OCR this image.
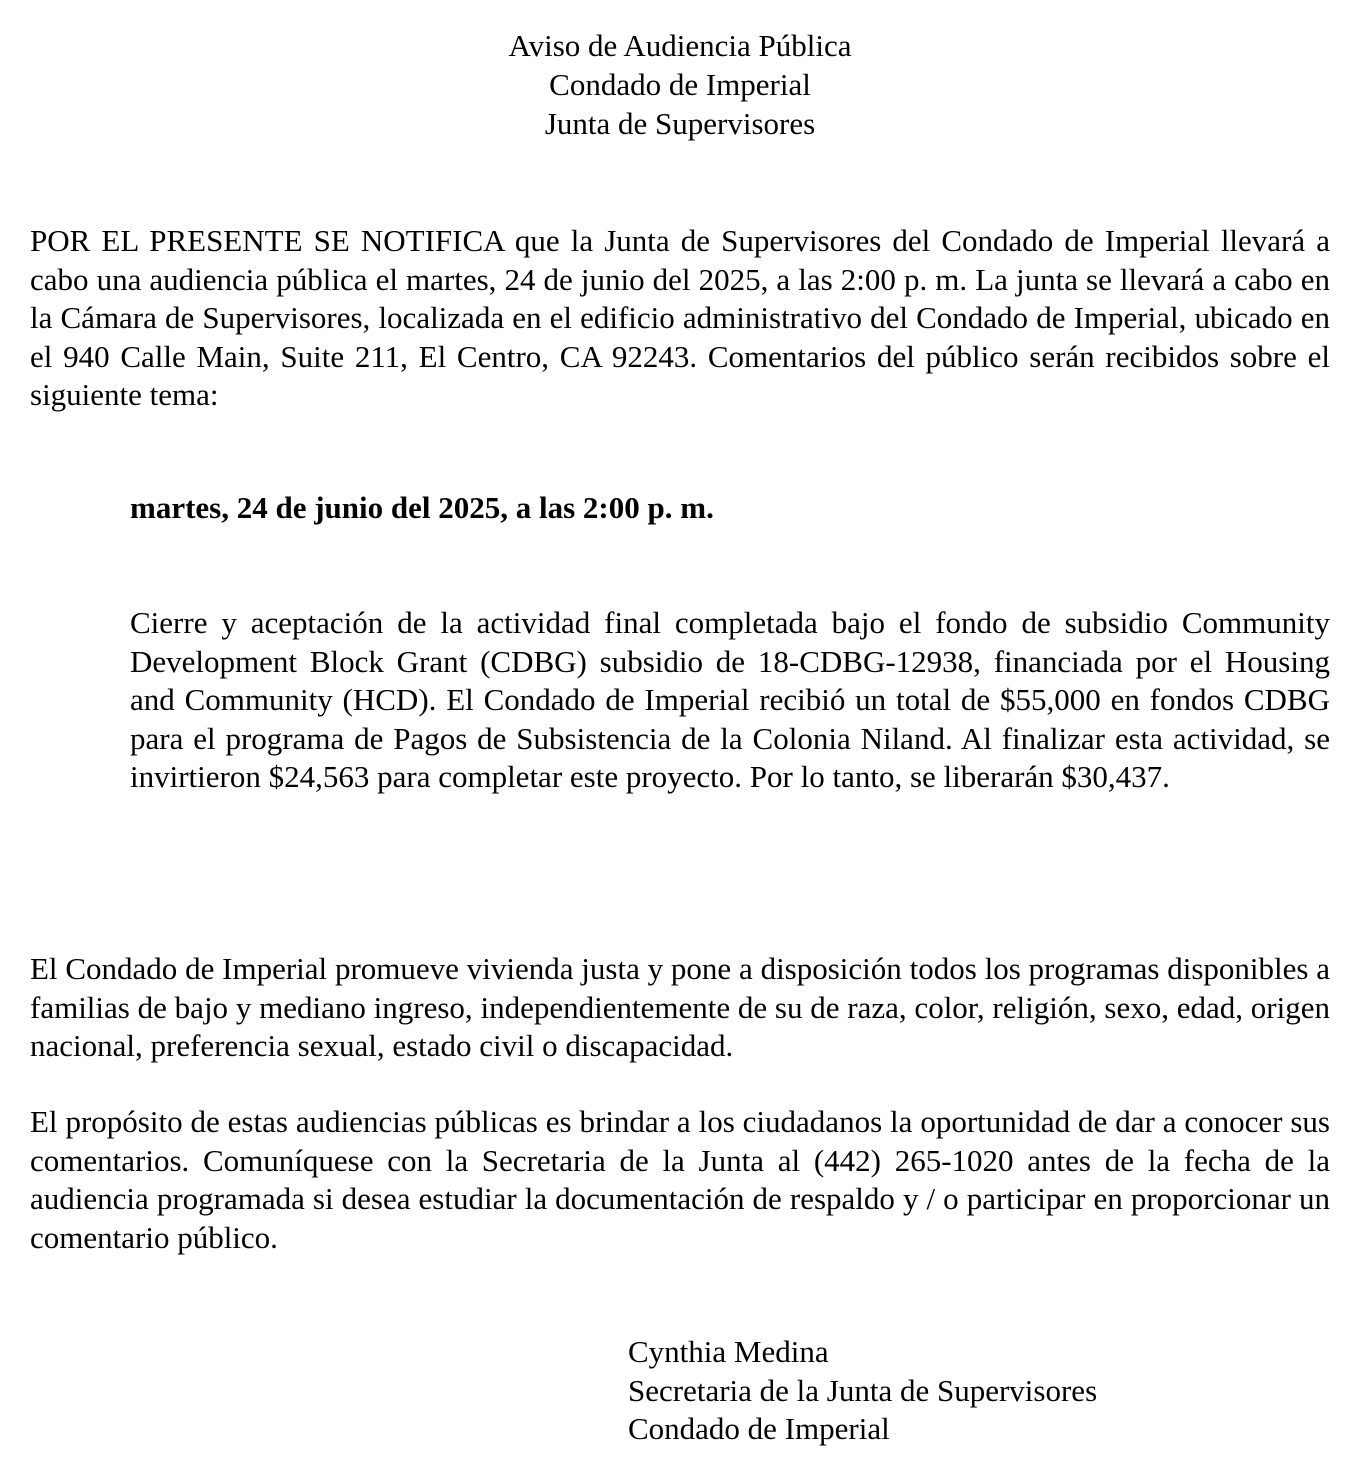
Aviso de Audiencia Pública
Condado de Imperial
Junta de Supervisores

POR EL PRESENTE SE NOTIFICA que la Junta de Supervisores del Condado de Imperial llevará a cabo una audiencia pública el martes, 24 de junio del 2025, a las 2:00 p. m. La junta se llevará a cabo en la Cámara de Supervisores, localizada en el edificio administrativo del Condado de Imperial, ubicado en el 940 Calle Main, Suite 211, El Centro, CA 92243. Comentarios del público serán recibidos sobre el siguiente tema:

martes, 24 de junio del 2025, a las 2:00 p. m.

Cierre y aceptación de la actividad final completada bajo el fondo de subsidio Community Development Block Grant (CDBG) subsidio de 18-CDBG-12938, financiada por el Housing and Community (HCD). El Condado de Imperial recibió un total de $55,000 en fondos CDBG para el programa de Pagos de Subsistencia de la Colonia Niland. Al finalizar esta actividad, se invirtieron $24,563 para completar este proyecto. Por lo tanto, se liberarán $30,437.

El Condado de Imperial promueve vivienda justa y pone a disposición todos los programas disponibles a familias de bajo y mediano ingreso, independientemente de su de raza, color, religión, sexo, edad, origen nacional, preferencia sexual, estado civil o discapacidad.

El propósito de estas audiencias públicas es brindar a los ciudadanos la oportunidad de dar a conocer sus comentarios. Comuníquese con la Secretaria de la Junta al (442) 265-1020 antes de la fecha de la audiencia programada si desea estudiar la documentación de respaldo y / o participar en proporcionar un comentario público.

Cynthia Medina
Secretaria de la Junta de Supervisores
Condado de Imperial
